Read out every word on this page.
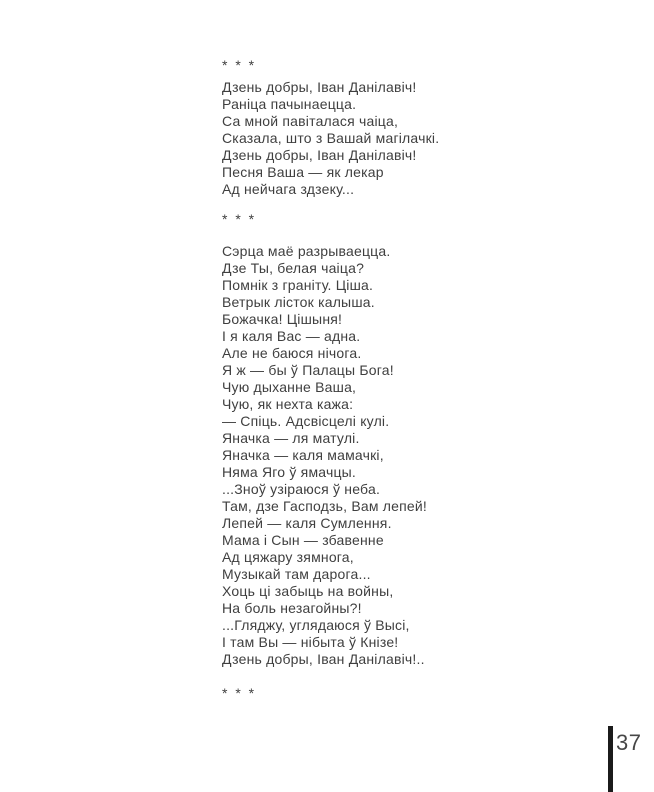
* * *
Дзень добры, Іван Данілавіч!
Раніца пачынаецца.
Са мной павіталася чаіца,
Сказала, што з Вашай магілачкі.
Дзень добры, Іван Данілавіч!
Песня Ваша — як лекар
Ад нейчага здзеку...
* * *
Сэрца маё разрываецца.
Дзе Ты, белая чаіца?
Помнік з граніту. Ціша.
Ветрык лісток калыша.
Божачка! Цішыня!
І я каля Вас — адна.
Але не баюся нічога.
Я ж — бы ў Палацы Бога!
Чую дыханне Ваша,
Чую, як нехта кажа:
— Спіць. Адсвісцелі кулі.
Яначка — ля матулі.
Яначка — каля мамачкі,
Няма Яго ў ямачцы.
...Зноў узіраюся ў неба.
Там, дзе Гасподзь, Вам лепей!
Лепей — каля Сумлення.
Мама і Сын — збавенне
Ад цяжару зямнога,
Музыкай там дарога...
Хоць ці забыць на войны,
На боль незагойны?!
...Гляджу, углядаюся ў Высі,
І там Вы — нібыта ў Кнізе!
Дзень добры, Іван Данілавіч!..
* * *
37
